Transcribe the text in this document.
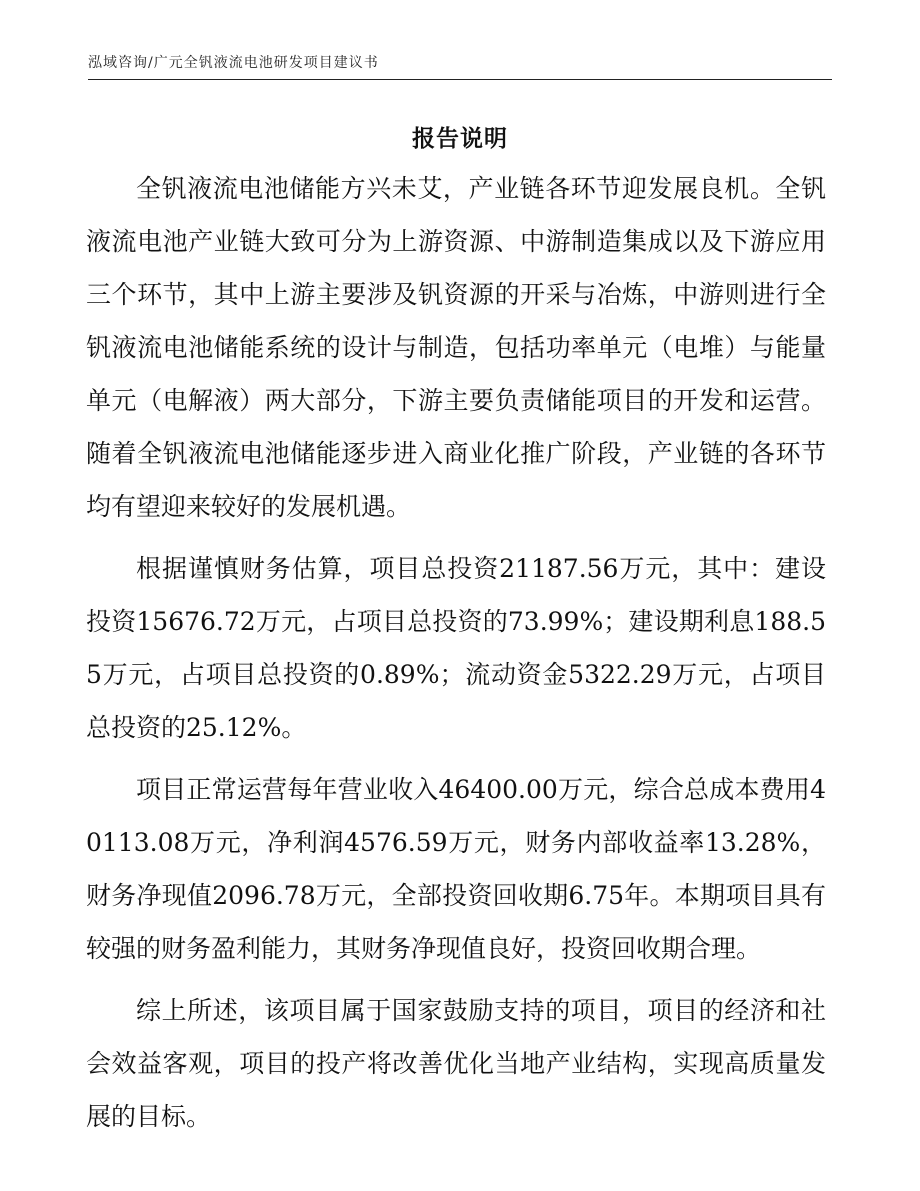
泓域咨询/广元全钒液流电池研发项目建议书
报告说明

全钒液流电池储能方兴未艾，产业链各环节迎发展良机。全钒液流电池产业链大致可分为上游资源、中游制造集成以及下游应用三个环节，其中上游主要涉及钒资源的开采与冶炼，中游则进行全钒液流电池储能系统的设计与制造，包括功率单元（电堆）与能量单元（电解液）两大部分，下游主要负责储能项目的开发和运营。随着全钒液流电池储能逐步进入商业化推广阶段，产业链的各环节均有望迎来较好的发展机遇。

根据谨慎财务估算，项目总投资21187.56万元，其中：建设投资15676.72万元，占项目总投资的73.99%；建设期利息188.55万元，占项目总投资的0.89%；流动资金5322.29万元，占项目总投资的25.12%。

项目正常运营每年营业收入46400.00万元，综合总成本费用40113.08万元，净利润4576.59万元，财务内部收益率13.28%，财务净现值2096.78万元，全部投资回收期6.75年。本期项目具有较强的财务盈利能力，其财务净现值良好，投资回收期合理。

综上所述，该项目属于国家鼓励支持的项目，项目的经济和社会效益客观，项目的投产将改善优化当地产业结构，实现高质量发展的目标。
